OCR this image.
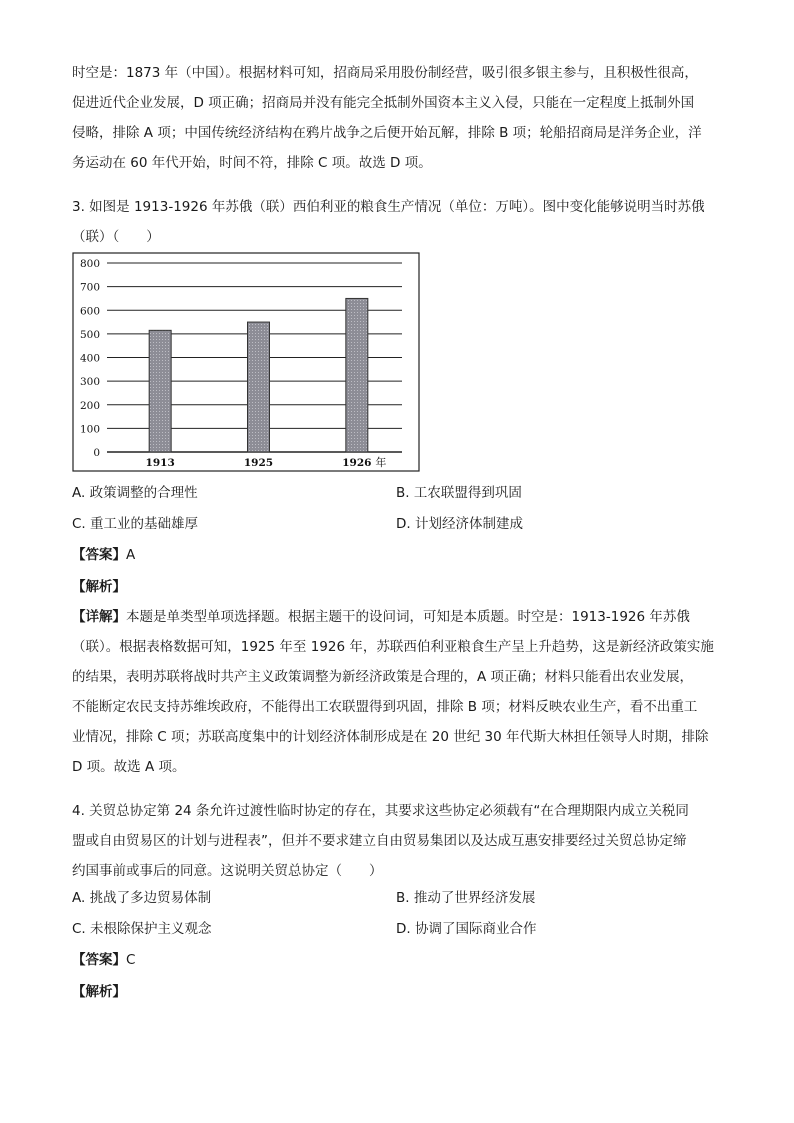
时空是：1873 年（中国）。根据材料可知，招商局采用股份制经营，吸引很多银主参与，且积极性很高，
促进近代企业发展，D 项正确；招商局并没有能完全抵制外国资本主义入侵，只能在一定程度上抵制外国
侵略，排除 A 项；中国传统经济结构在鸦片战争之后便开始瓦解，排除 B 项；轮船招商局是洋务企业，洋
务运动在 60 年代开始，时间不符，排除 C 项。故选 D 项。
3. 如图是 1913-1926 年苏俄（联）西伯利亚的粮食生产情况（单位：万吨）。图中变化能够说明当时苏俄
（联）（　　）
0
100
200
300
400
500
600
700
800
1913	1925	1926 年
A. 政策调整的合理性	B. 工农联盟得到巩固
C. 重工业的基础雄厚	D. 计划经济体制建成
【答案】A
【解析】
【详解】本题是单类型单项选择题。根据主题干的设问词，可知是本质题。时空是：1913-1926 年苏俄
（联）。根据表格数据可知，1925 年至 1926 年，苏联西伯利亚粮食生产呈上升趋势，这是新经济政策实施
的结果，表明苏联将战时共产主义政策调整为新经济政策是合理的，A 项正确；材料只能看出农业发展，
不能断定农民支持苏维埃政府，不能得出工农联盟得到巩固，排除 B 项；材料反映农业生产，看不出重工
业情况，排除 C 项；苏联高度集中的计划经济体制形成是在 20 世纪 30 年代斯大林担任领导人时期，排除
D 项。故选 A 项。
4. 关贸总协定第 24 条允许过渡性临时协定的存在，其要求这些协定必须载有“在合理期限内成立关税同
盟或自由贸易区的计划与进程表”，但并不要求建立自由贸易集团以及达成互惠安排要经过关贸总协定缔
约国事前或事后的同意。这说明关贸总协定（　　）
A. 挑战了多边贸易体制	B. 推动了世界经济发展
C. 未根除保护主义观念	D. 协调了国际商业合作
【答案】C
【解析】
